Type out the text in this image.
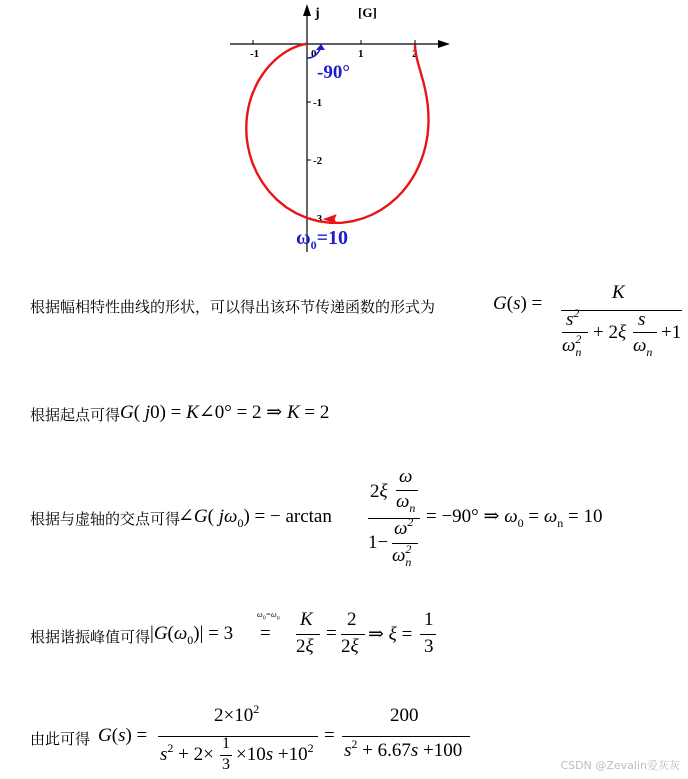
-1	0	1	2
-1
-2
-3
j	[G]
-90°
$\omega_0=10$
根据幅相特性曲线的形状，可以得出该环节传递函数的形式为	G(s) =
K
$s^2$
$\omega_n^2 + 2\xi$
s
$\omega_n$
+1
根据起点可得 G( j0) = K∠0° = 2 ⇒ K = 2
根据与虚轴的交点可得
∠G( $j\omega_0$) = − arctan
2ξ
ω
$\omega_n$
1−
$\omega^2$
$\omega_n^2$
= −90° ⇒ $\omega_0 = \omega_n = 10$
根据谐振峰值可得 $|G(\omega_0)| = 3$
$\omega_0=\omega_n$
=
K
2ξ
=
2
2ξ
⇒ ξ =
1
3
由此可得 G(s) =
$2\times 10^2$
$s^2 + 2\times$
1
$3 \times 10s +10^2$
=
200
$s^2 + 6.67s +100$
CSDN @Zevalin爱灰灰
